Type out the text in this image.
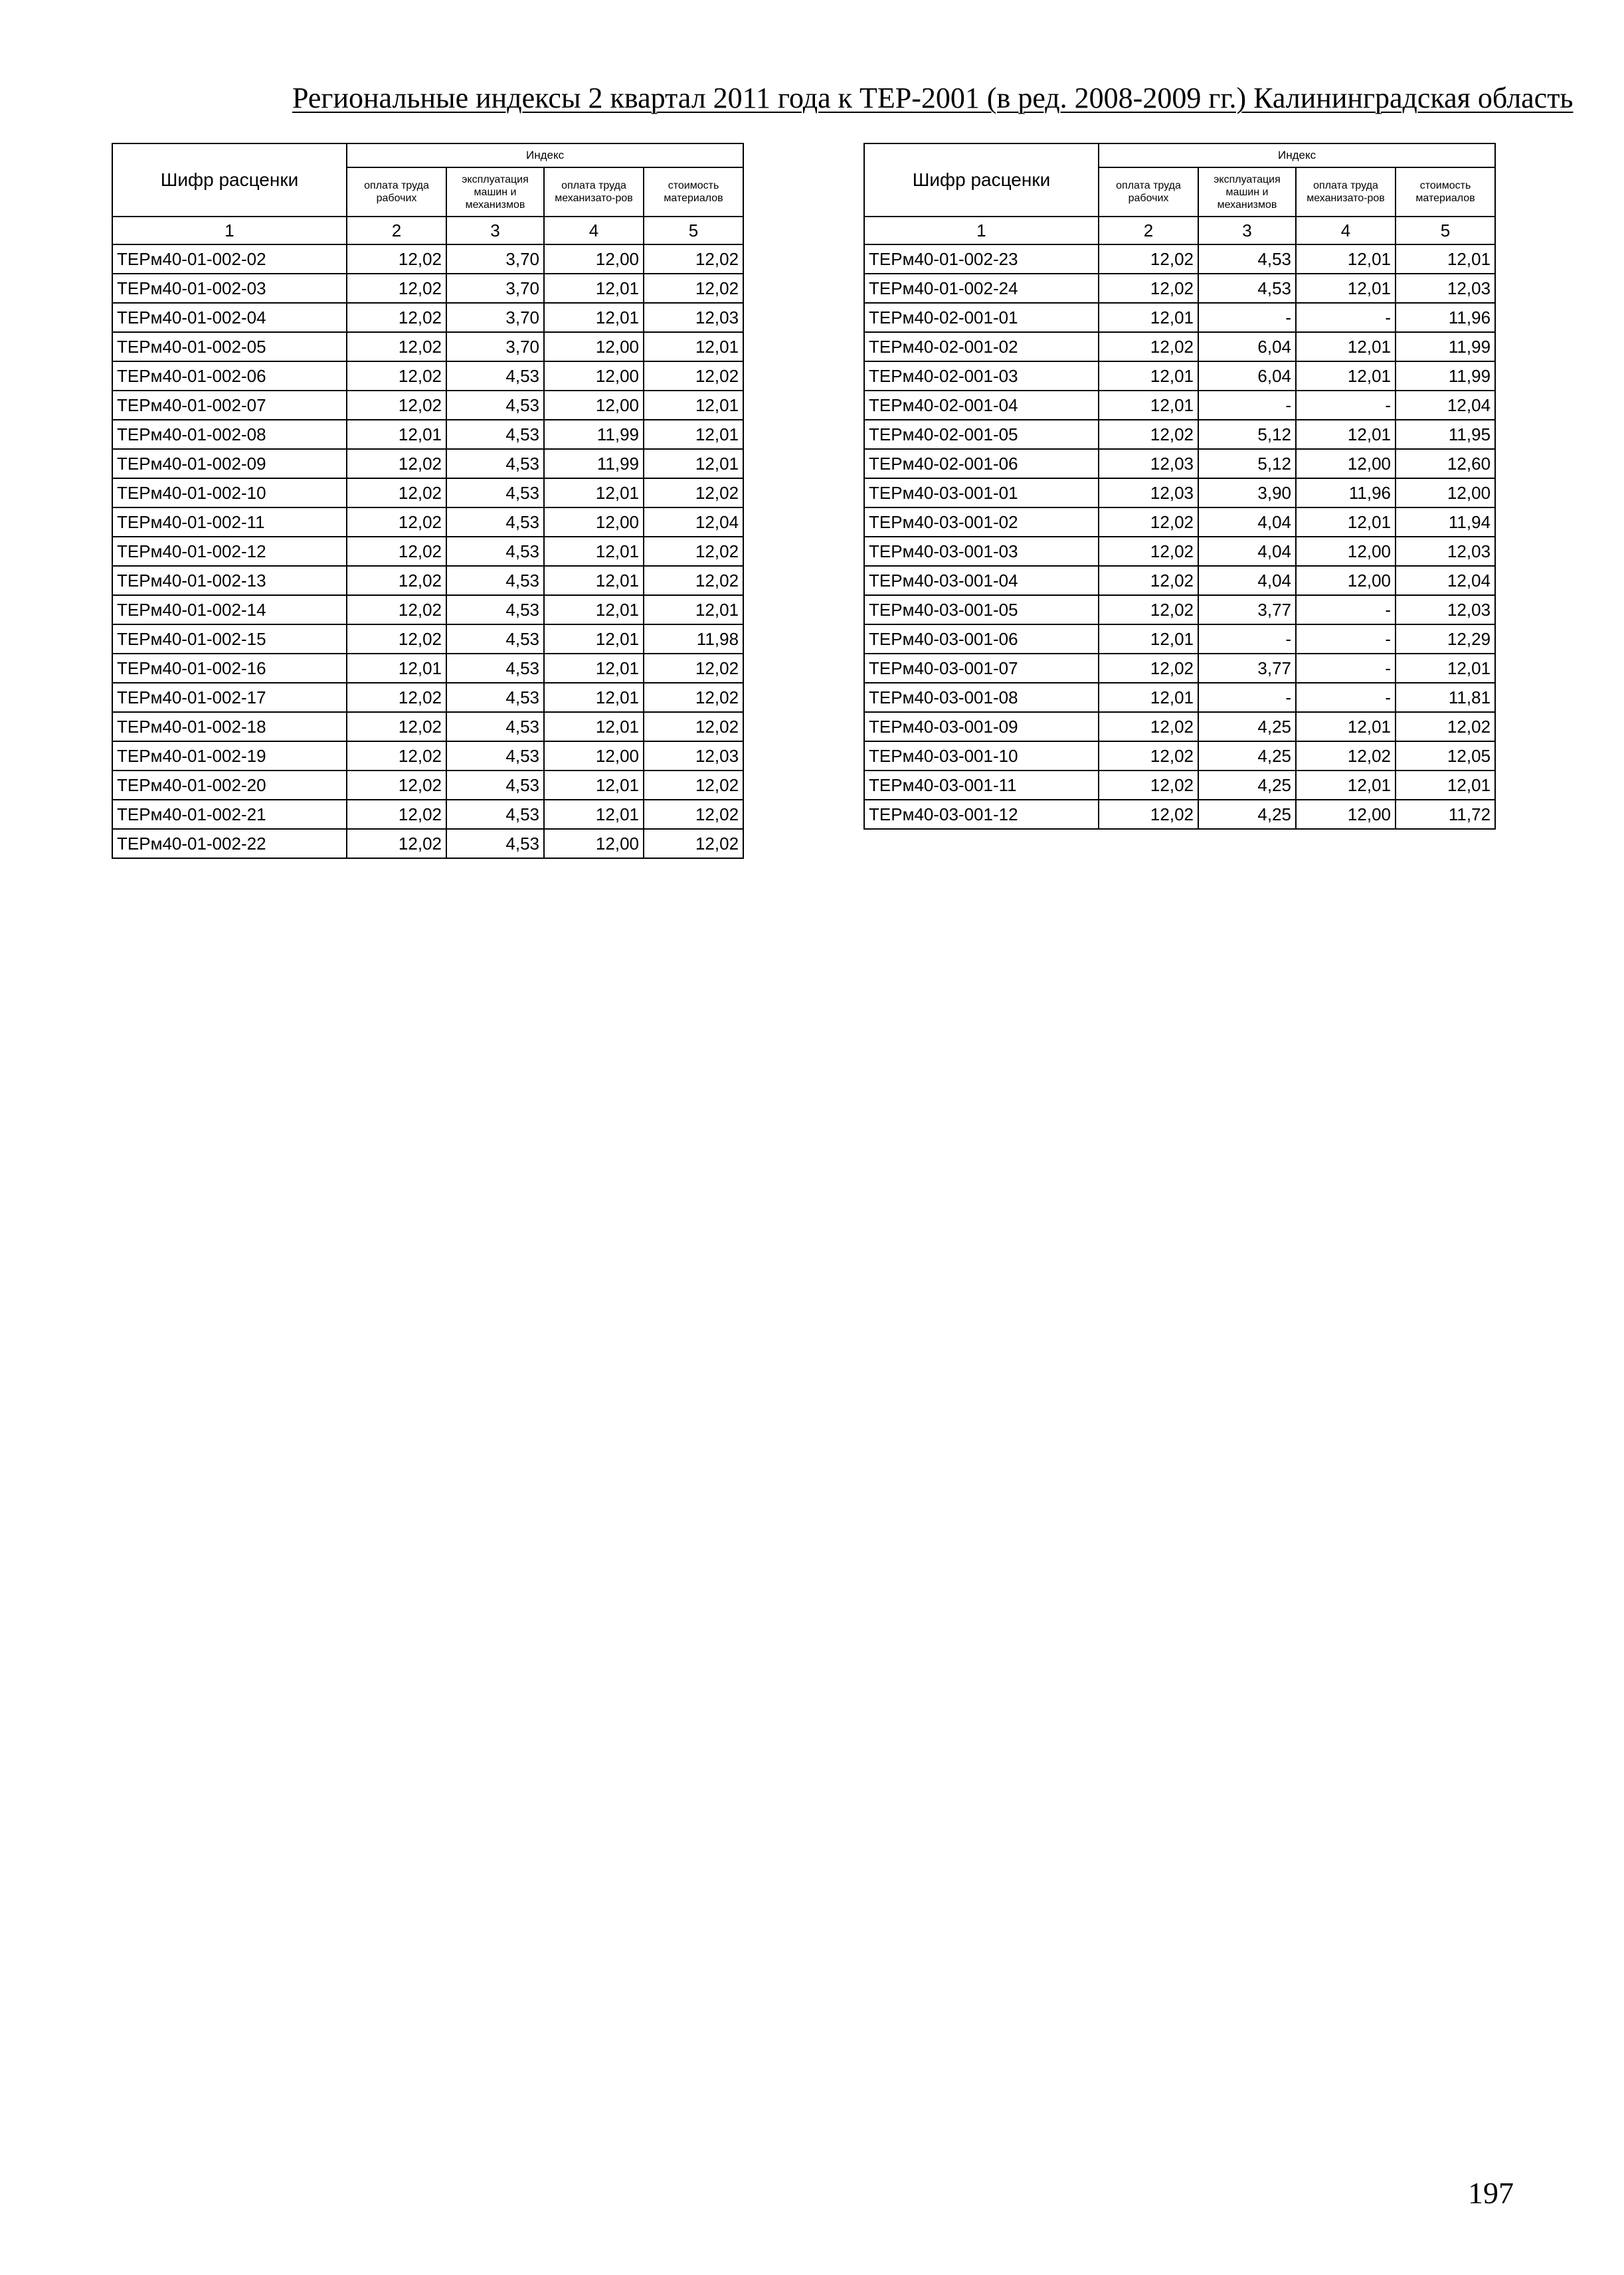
Региональные индексы 2 квартал 2011 года к ТЕР-2001 (в ред. 2008-2009 гг.) Калининградская область
Шифр расценки	Индекс			
	оплата труда рабочих	эксплуатация машин и механизмов	оплата труда механизато-ров	стоимость материалов
1	2	3	4	5
ТЕРм40-01-002-02	12,02	3,70	12,00	12,02
ТЕРм40-01-002-03	12,02	3,70	12,01	12,02
ТЕРм40-01-002-04	12,02	3,70	12,01	12,03
ТЕРм40-01-002-05	12,02	3,70	12,00	12,01
ТЕРм40-01-002-06	12,02	4,53	12,00	12,02
ТЕРм40-01-002-07	12,02	4,53	12,00	12,01
ТЕРм40-01-002-08	12,01	4,53	11,99	12,01
ТЕРм40-01-002-09	12,02	4,53	11,99	12,01
ТЕРм40-01-002-10	12,02	4,53	12,01	12,02
ТЕРм40-01-002-11	12,02	4,53	12,00	12,04
ТЕРм40-01-002-12	12,02	4,53	12,01	12,02
ТЕРм40-01-002-13	12,02	4,53	12,01	12,02
ТЕРм40-01-002-14	12,02	4,53	12,01	12,01
ТЕРм40-01-002-15	12,02	4,53	12,01	11,98
ТЕРм40-01-002-16	12,01	4,53	12,01	12,02
ТЕРм40-01-002-17	12,02	4,53	12,01	12,02
ТЕРм40-01-002-18	12,02	4,53	12,01	12,02
ТЕРм40-01-002-19	12,02	4,53	12,00	12,03
ТЕРм40-01-002-20	12,02	4,53	12,01	12,02
ТЕРм40-01-002-21	12,02	4,53	12,01	12,02
ТЕРм40-01-002-22	12,02	4,53	12,00	12,02
Шифр расценки	Индекс			
	оплата труда рабочих	эксплуатация машин и механизмов	оплата труда механизато-ров	стоимость материалов
1	2	3	4	5
ТЕРм40-01-002-23	12,02	4,53	12,01	12,01
ТЕРм40-01-002-24	12,02	4,53	12,01	12,03
ТЕРм40-02-001-01	12,01	-	-	11,96
ТЕРм40-02-001-02	12,02	6,04	12,01	11,99
ТЕРм40-02-001-03	12,01	6,04	12,01	11,99
ТЕРм40-02-001-04	12,01	-	-	12,04
ТЕРм40-02-001-05	12,02	5,12	12,01	11,95
ТЕРм40-02-001-06	12,03	5,12	12,00	12,60
ТЕРм40-03-001-01	12,03	3,90	11,96	12,00
ТЕРм40-03-001-02	12,02	4,04	12,01	11,94
ТЕРм40-03-001-03	12,02	4,04	12,00	12,03
ТЕРм40-03-001-04	12,02	4,04	12,00	12,04
ТЕРм40-03-001-05	12,02	3,77	-	12,03
ТЕРм40-03-001-06	12,01	-	-	12,29
ТЕРм40-03-001-07	12,02	3,77	-	12,01
ТЕРм40-03-001-08	12,01	-	-	11,81
ТЕРм40-03-001-09	12,02	4,25	12,01	12,02
ТЕРм40-03-001-10	12,02	4,25	12,02	12,05
ТЕРм40-03-001-11	12,02	4,25	12,01	12,01
ТЕРм40-03-001-12	12,02	4,25	12,00	11,72
197
